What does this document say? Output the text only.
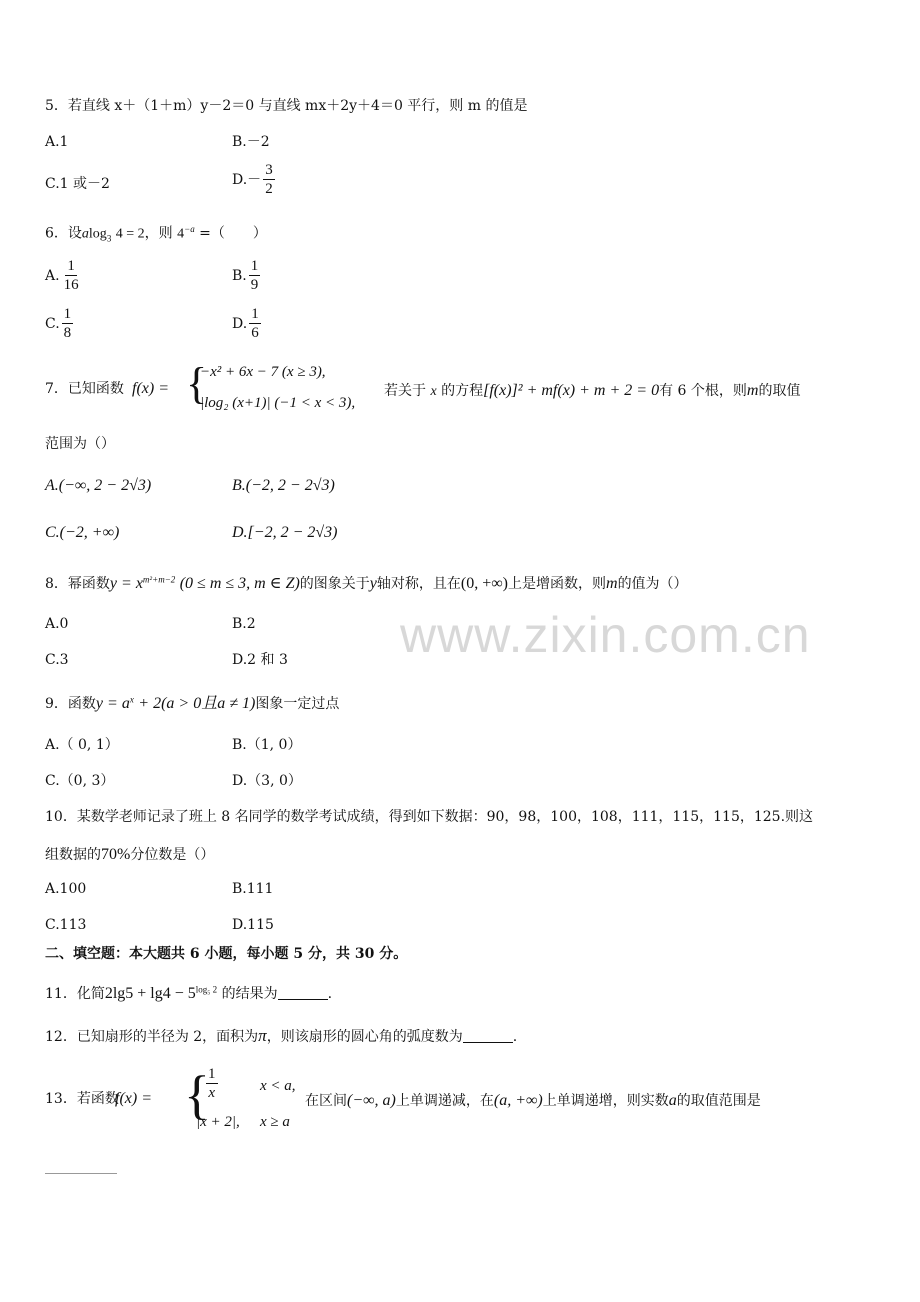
www.zixin.com.cn
5．若直线 x＋（1＋m）y－2＝0 与直线 mx＋2y＋4＝0 平行，则 m 的值是
A.1	B.－2
C.1 或－2	$D.- \frac{3}{2}$
6．设alog$_3$ 4 = 2，则 $4^{-a}$ =（　　）
A. $\frac{1}{16}$	B. $\frac{1}{9}$
C. $\frac{1}{8}$	D. $\frac{1}{6}$
7．已知函数 f(x) = {
−x² + 6x − 7 (x ≥ 3),
|log₂ (x+1)| (−1 < x < 3),
若关于 x 的方程[f(x)]² + mf(x) + m + 2 = 0有 6 个根，则m的取值
范围为（）
A.(−∞, 2 − 2√3)	B.(−2, 2 − 2√3)
C.(−2, +∞)	D.[−2, 2 − 2√3)
8．幂函数$y = x^{m^2+m-2}$ (0 ≤ m ≤ 3, m ∈ Z)的图象关于y轴对称，且在(0, +∞)上是增函数，则m的值为（）
A.0	B.2
C.3	D.2 和 3
9．函数$y = a^x + 2(a > 0$且a ≠ 1)图象一定过点
A.（ 0, 1）	B.（1, 0）
C.（0, 3）	D.（3, 0）
10．某数学老师记录了班上 8 名同学的数学考试成绩，得到如下数据：90，98，100，108，111，115，115，125.则这
组数据的70%分位数是（）
A.100	B.111
C.113	D.115
二、填空题：本大题共 6 小题，每小题 5 分，共 30 分。
11．化简$2\lg 5 + \lg 4 - 5^{log_5 2}$ 的结果为	.
12．已知扇形的半径为 2，面积为π，则该扇形的圆心角的弧度数为	.
13．若函数
f(x) = {
$\frac{1}{x}$	x < a,
|x + 2|, x ≥ a
在区间(−∞, a)上单调递减，在(a, +∞)上单调递增，则实数a的取值范围是
